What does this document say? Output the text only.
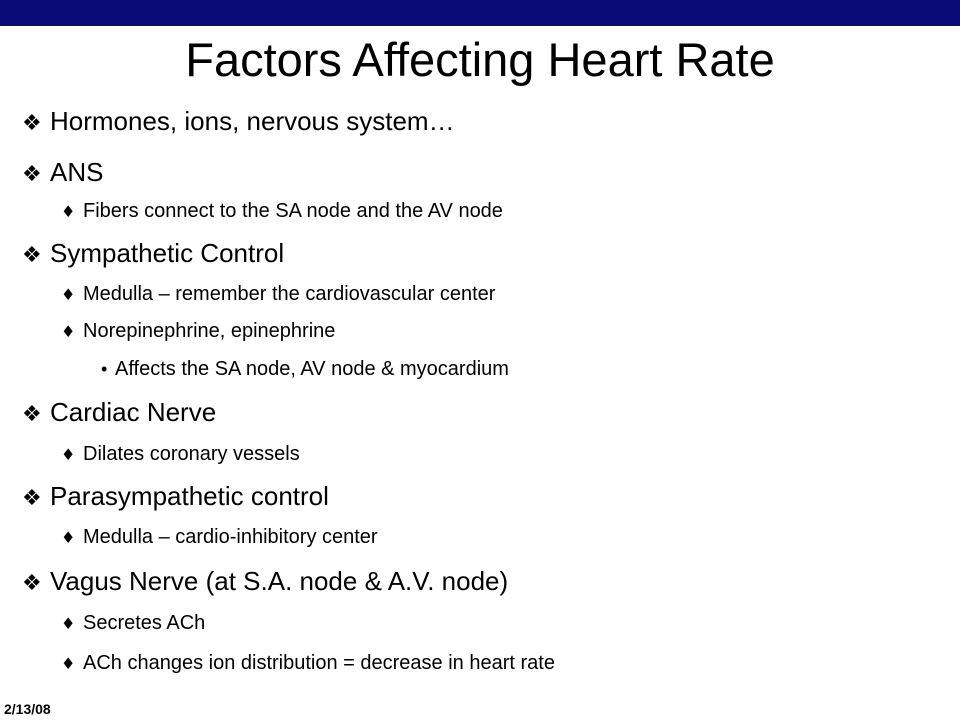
Factors Affecting Heart Rate
❖ Hormones, ions, nervous system…
❖ ANS
♦ Fibers connect to the SA node and the AV node
❖ Sympathetic Control
♦ Medulla – remember the cardiovascular center
♦ Norepinephrine, epinephrine
• Affects the SA node, AV node & myocardium
❖ Cardiac Nerve
♦ Dilates coronary vessels
❖ Parasympathetic control
♦ Medulla – cardio-inhibitory center
❖ Vagus Nerve (at S.A. node & A.V. node)
♦ Secretes ACh
♦ ACh changes ion distribution = decrease in heart rate
2/13/08
